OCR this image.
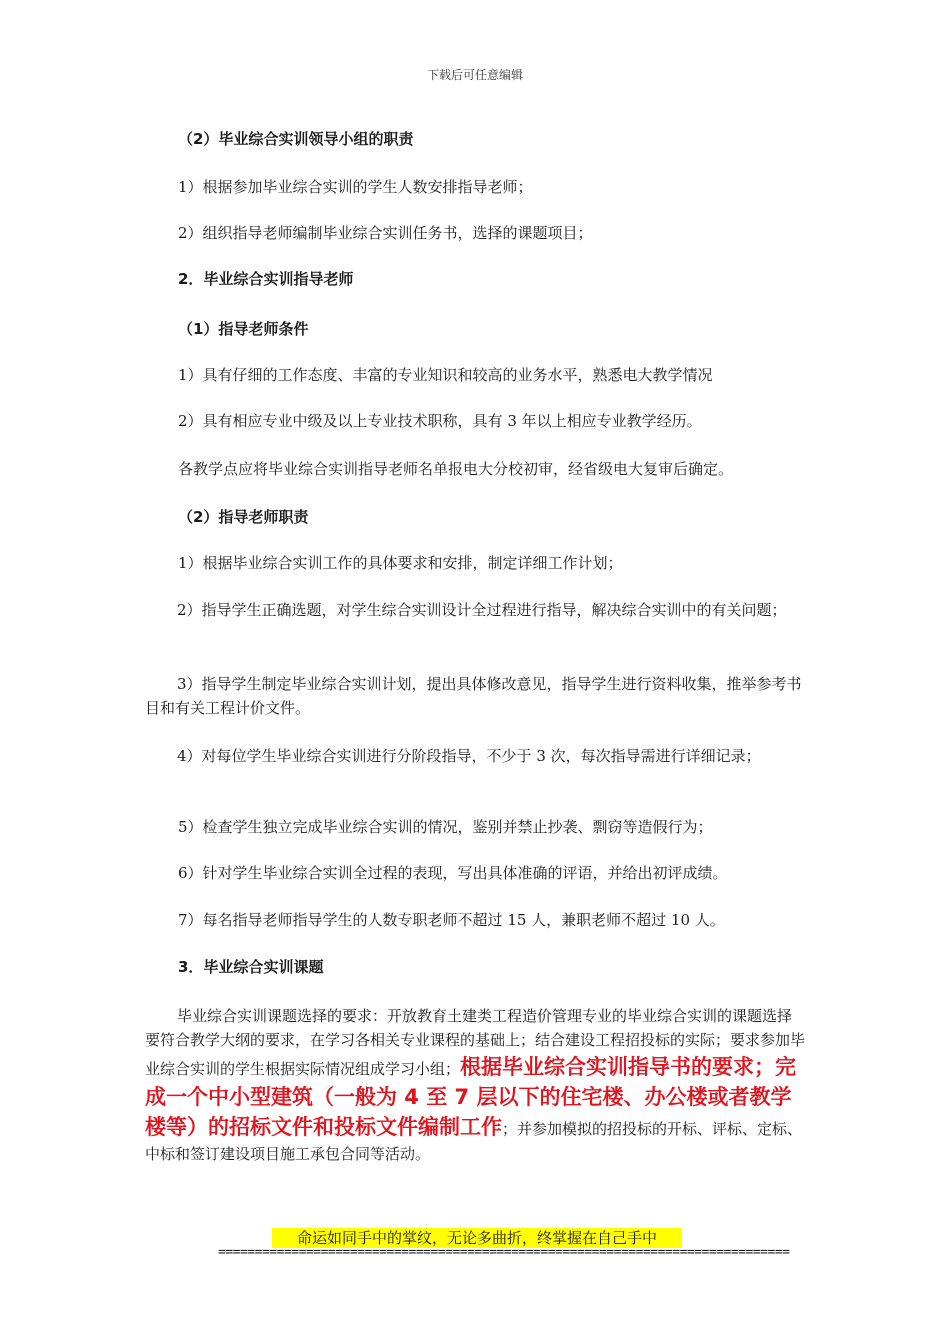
下载后可任意编辑
（2）毕业综合实训领导小组的职责
1）根据参加毕业综合实训的学生人数安排指导老师；
2）组织指导老师编制毕业综合实训任务书，选择的课题项目；
2．毕业综合实训指导老师
（1）指导老师条件
1）具有仔细的工作态度、丰富的专业知识和较高的业务水平，熟悉电大教学情况
2）具有相应专业中级及以上专业技术职称，具有 3 年以上相应专业教学经历。
各教学点应将毕业综合实训指导老师名单报电大分校初审，经省级电大复审后确定。
（2）指导老师职责
1）根据毕业综合实训工作的具体要求和安排，制定详细工作计划；
2）指导学生正确选题，对学生综合实训设计全过程进行指导，解决综合实训中的有关问题；
3）指导学生制定毕业综合实训计划，提出具体修改意见，指导学生进行资料收集，推举参考书目和有关工程计价文件。
4）对每位学生毕业综合实训进行分阶段指导，不少于 3 次，每次指导需进行详细记录；
5）检查学生独立完成毕业综合实训的情况，鉴别并禁止抄袭、剽窃等造假行为；
6）针对学生毕业综合实训全过程的表现，写出具体准确的评语，并给出初评成绩。
7）每名指导老师指导学生的人数专职老师不超过 15 人，兼职老师不超过 10 人。
3．毕业综合实训课题
毕业综合实训课题选择的要求：开放教育土建类工程造价管理专业的毕业综合实训的课题选择要符合教学大纲的要求，在学习各相关专业课程的基础上；结合建设工程招投标的实际；要求参加毕业综合实训的学生根据实际情况组成学习小组；根据毕业综合实训指导书的要求；完成一个中小型建筑（一般为 4 至 7 层以下的住宅楼、办公楼或者教学楼等）的招标文件和投标文件编制工作；并参加模拟的招投标的开标、评标、定标、中标和签订建设项目施工承包合同等活动。
命运如同手中的掌纹，无论多曲折，终掌握在自己手中
==============================================================================
